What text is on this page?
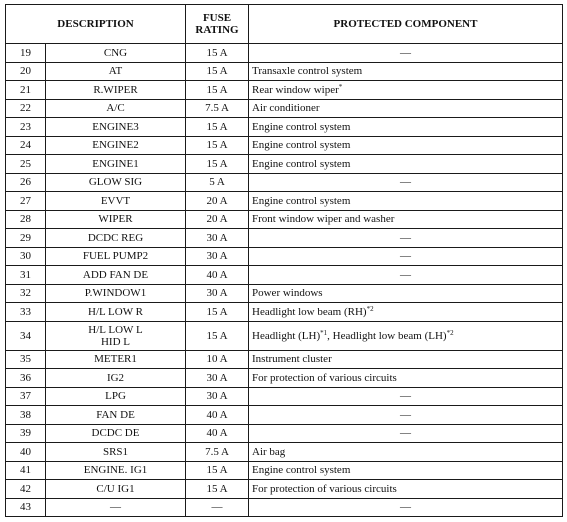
DESCRIPTION		FUSE
RATING	PROTECTED COMPONENT
19	CNG	15 A	—
20	AT	15 A	Transaxle control system
21	R.WIPER	15 A	Rear window wiper*
22	A/C	7.5 A	Air conditioner
23	ENGINE3	15 A	Engine control system
24	ENGINE2	15 A	Engine control system
25	ENGINE1	15 A	Engine control system
26	GLOW SIG	5 A	—
27	EVVT	20 A	Engine control system
28	WIPER	20 A	Front window wiper and washer
29	DCDC REG	30 A	—
30	FUEL PUMP2	30 A	—
31	ADD FAN DE	40 A	—
32	P.WINDOW1	30 A	Power windows
33	H/L LOW R	15 A	Headlight low beam (RH)$^{*2}$
34	H/L LOW L
HID L	15 A	Headlight (LH)$^{*1}$, Headlight low beam (LH)$^{*2}$
35	METER1	10 A	Instrument cluster
36	IG2	30 A	For protection of various circuits
37	LPG	30 A	—
38	FAN DE	40 A	—
39	DCDC DE	40 A	—
40	SRS1	7.5 A	Air bag
41	ENGINE. IG1	15 A	Engine control system
42	C/U IG1	15 A	For protection of various circuits
43	—	—	—
